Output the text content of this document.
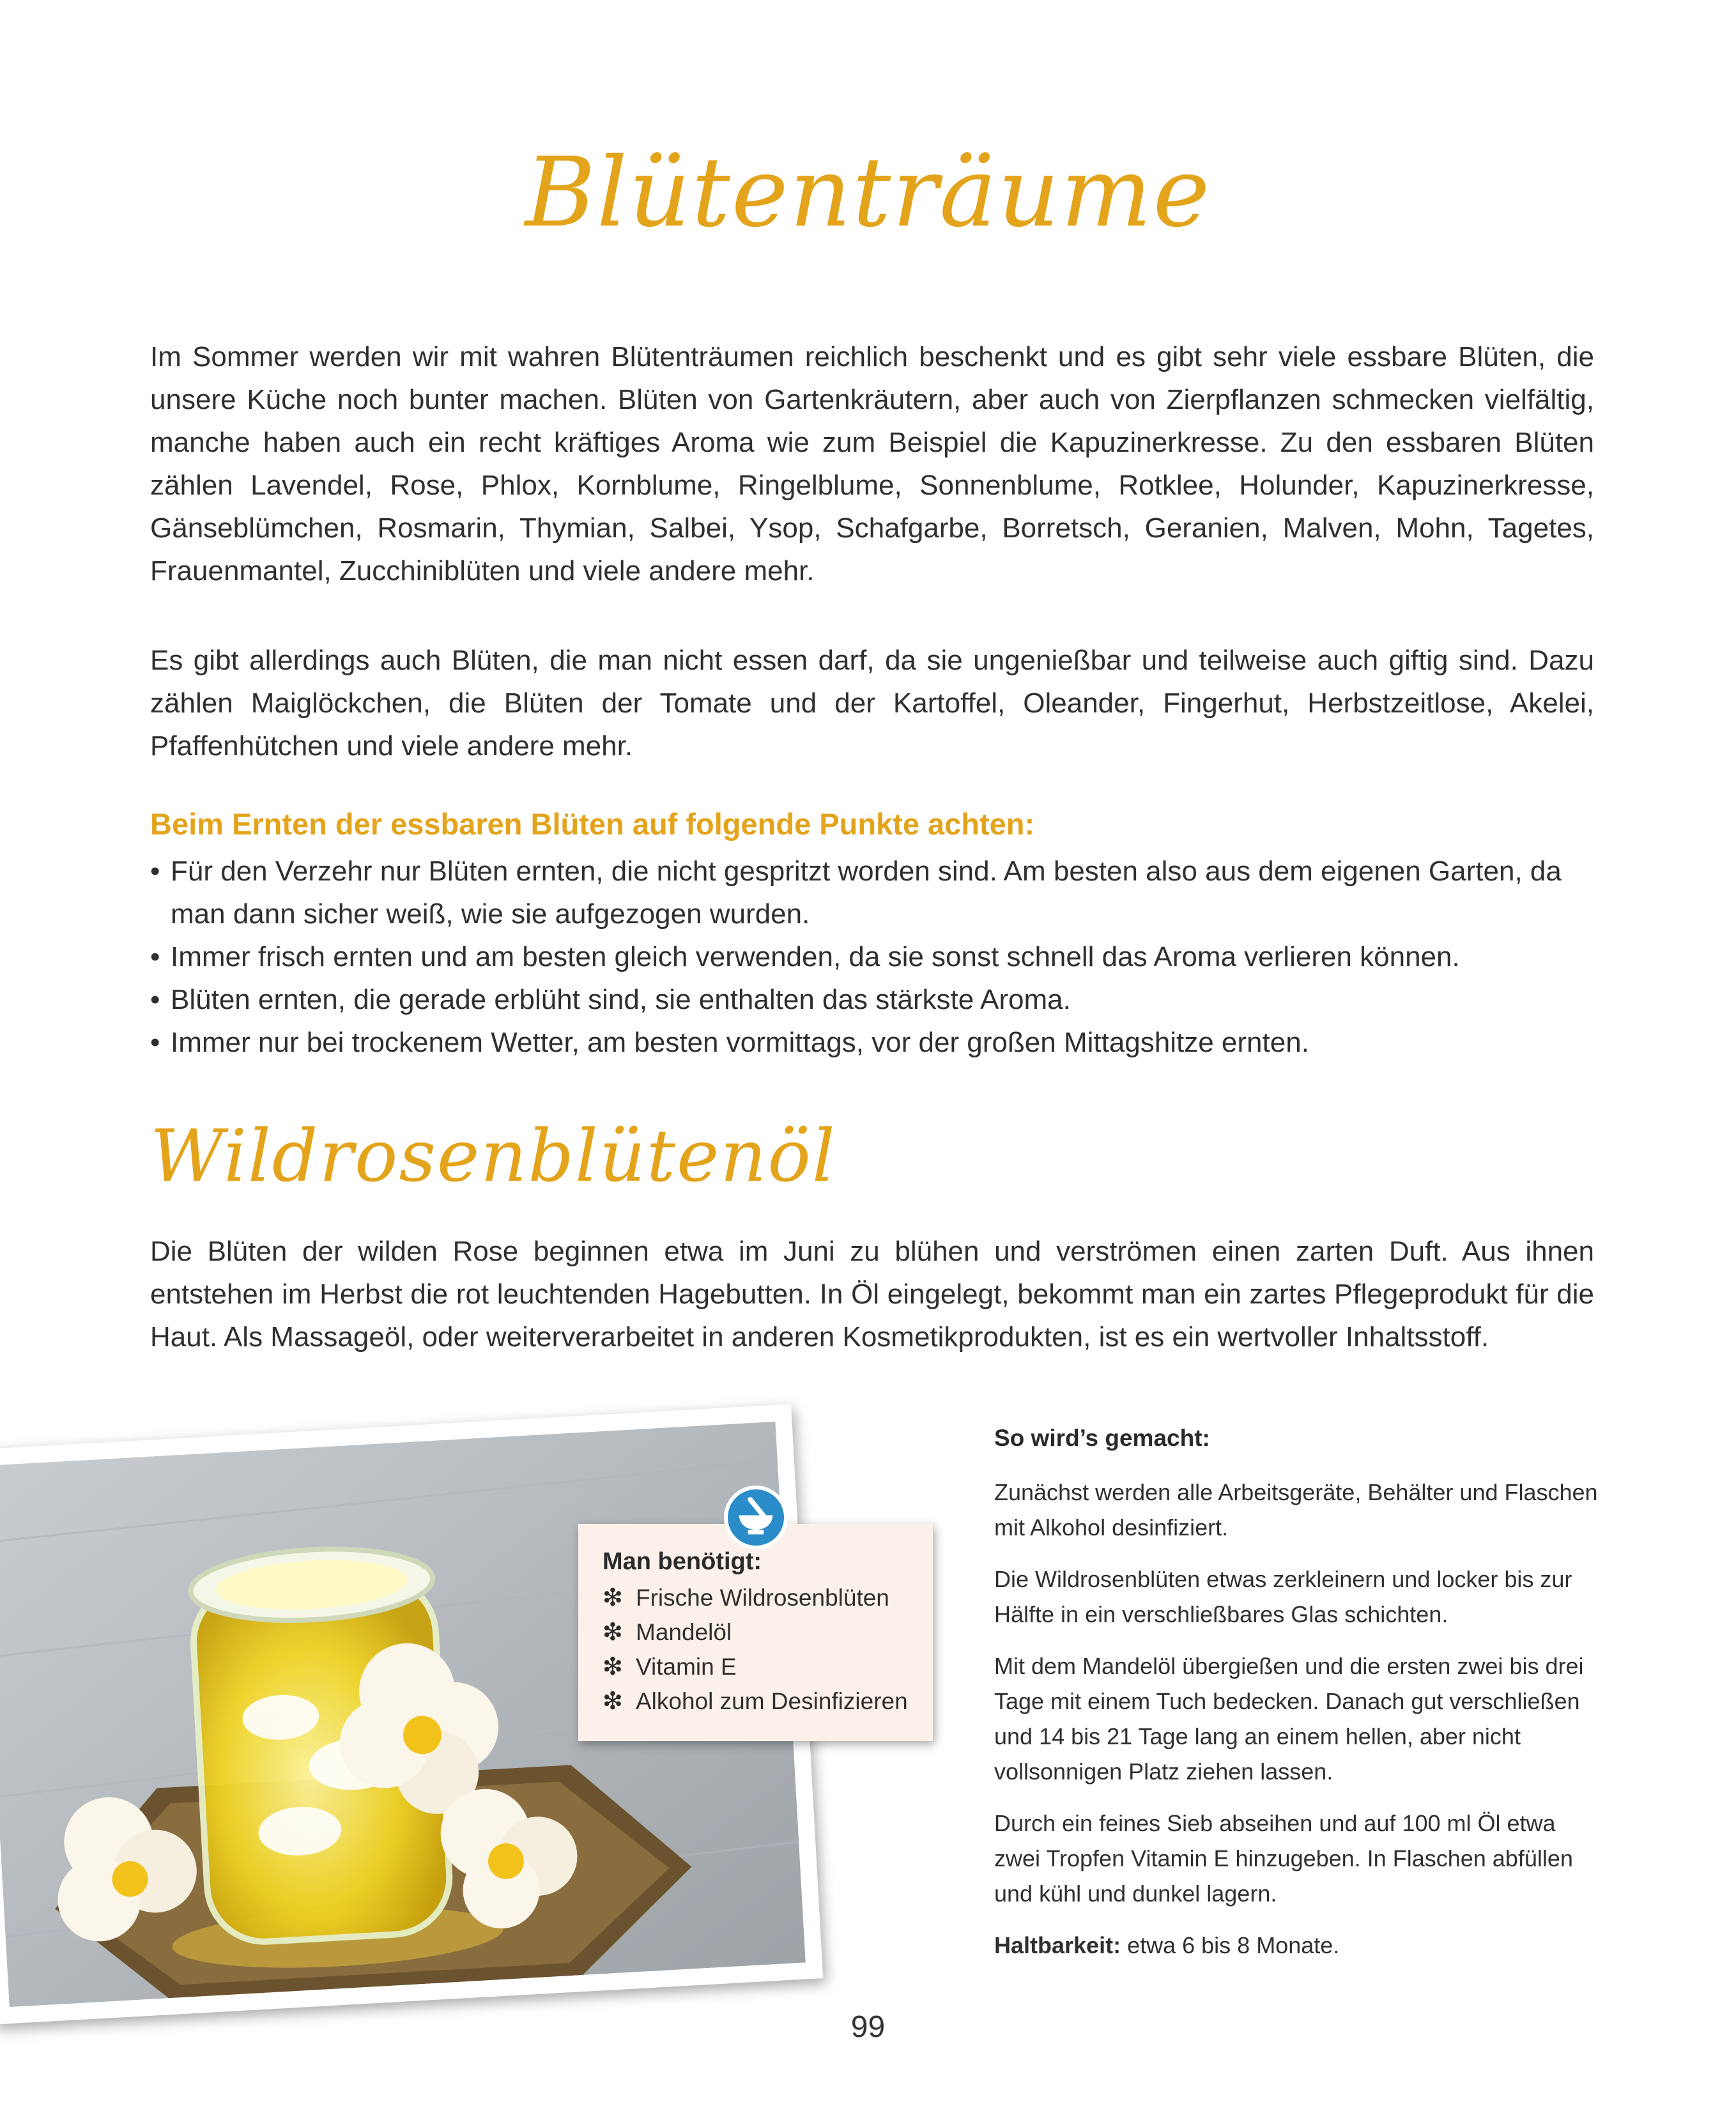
Blütenträume

Im Sommer werden wir mit wahren Blütenträumen reichlich beschenkt und es gibt sehr viele essbare Blüten, die unsere Küche noch bunter machen. Blüten von Gartenkräutern, aber auch von Zierpflanzen schmecken vielfältig, manche haben auch ein recht kräftiges Aroma wie zum Beispiel die Kapuzinerkresse. Zu den essbaren Blüten zählen Lavendel, Rose, Phlox, Kornblume, Ringelblume, Sonnenblume, Rotklee, Holunder, Kapuzinerkresse, Gänseblümchen, Rosmarin, Thymian, Salbei, Ysop, Schafgarbe, Borretsch, Geranien, Malven, Mohn, Tagetes, Frauenmantel, Zucchiniblüten und viele andere mehr.

Es gibt allerdings auch Blüten, die man nicht essen darf, da sie ungenießbar und teilweise auch giftig sind. Dazu zählen Maiglöckchen, die Blüten der Tomate und der Kartoffel, Oleander, Fingerhut, Herbstzeitlose, Akelei, Pfaffenhütchen und viele andere mehr.

Beim Ernten der essbaren Blüten auf folgende Punkte achten:
• Für den Verzehr nur Blüten ernten, die nicht gespritzt worden sind. Am besten also aus dem eigenen Garten, da man dann sicher weiß, wie sie aufgezogen wurden.
• Immer frisch ernten und am besten gleich verwenden, da sie sonst schnell das Aroma verlieren können.
• Blüten ernten, die gerade erblüht sind, sie enthalten das stärkste Aroma.
• Immer nur bei trockenem Wetter, am besten vormittags, vor der großen Mittagshitze ernten.
Wildrosenblütenöl

Die Blüten der wilden Rose beginnen etwa im Juni zu blühen und verströmen einen zarten Duft. Aus ihnen entstehen im Herbst die rot leuchtenden Hagebutten. In Öl eingelegt, bekommt man ein zartes Pflegeprodukt für die Haut. Als Massageöl, oder weiterverarbeitet in anderen Kosmetikprodukten, ist es ein wertvoller Inhaltsstoff.

Man benötigt:

❇ Frische Wildrosenblüten
❇ Mandelöl
❇ Vitamin E
❇ Alkohol zum Desinfizieren

So wird’s gemacht:

Zunächst werden alle Arbeitsgeräte, Behälter und Flaschen mit Alkohol desinfiziert.

Die Wildrosenblüten etwas zerkleinern und locker bis zur Hälfte in ein verschließbares Glas schichten.

Mit dem Mandelöl übergießen und die ersten zwei bis drei Tage mit einem Tuch bedecken. Danach gut verschließen und 14 bis 21 Tage lang an einem hellen, aber nicht vollsonnigen Platz ziehen lassen.

Durch ein feines Sieb abseihen und auf 100 ml Öl etwa zwei Tropfen Vitamin E hinzugeben. In Flaschen abfüllen und kühl und dunkel lagern.

Haltbarkeit: etwa 6 bis 8 Monate.

99
